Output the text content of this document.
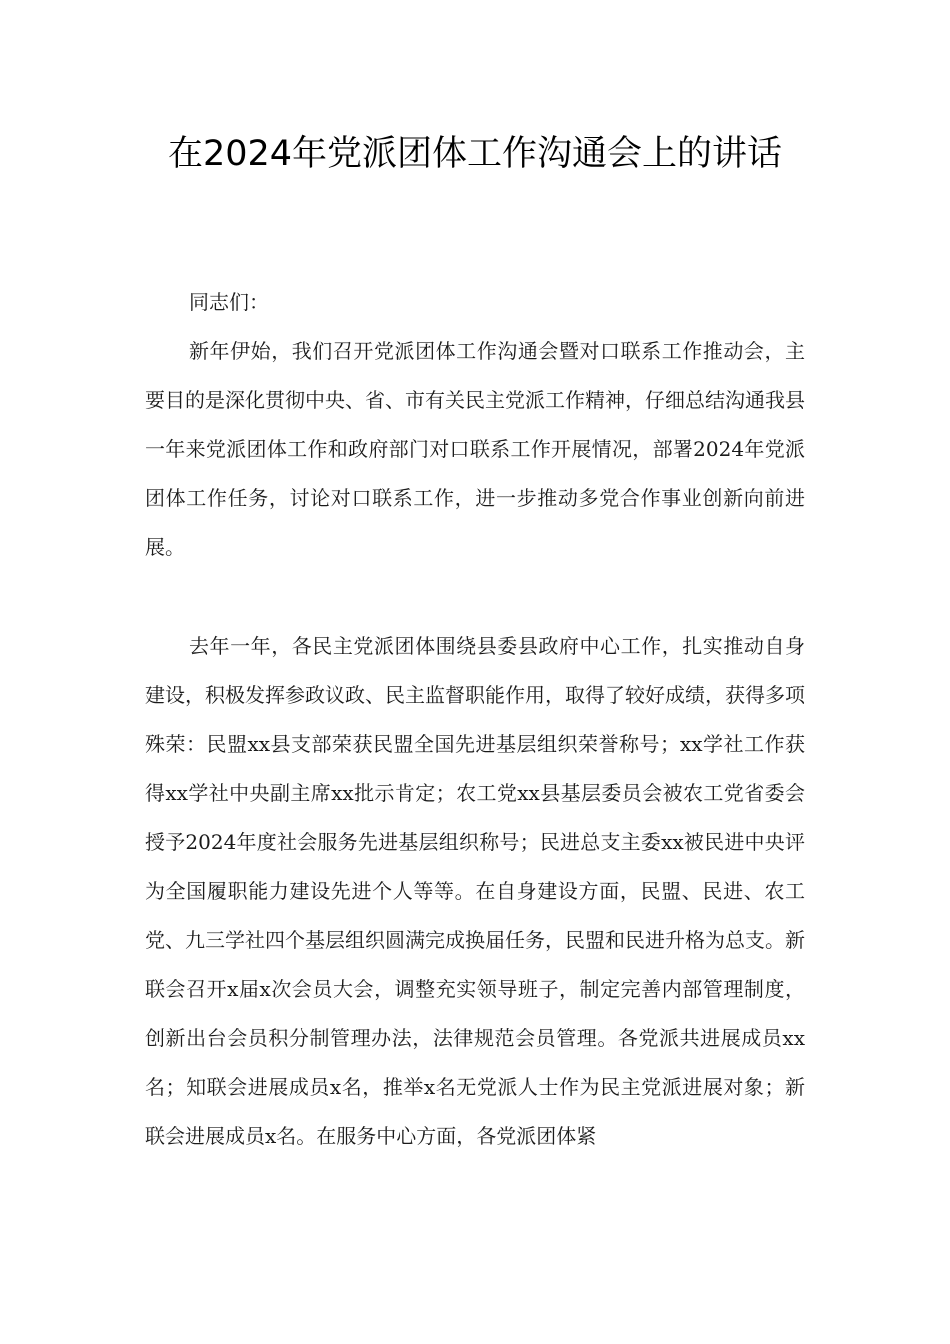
在2024年党派团体工作沟通会上的讲话

同志们：

新年伊始，我们召开党派团体工作沟通会暨对口联系工作推动会，主要目的是深化贯彻中央、省、市有关民主党派工作精神，仔细总结沟通我县一年来党派团体工作和政府部门对口联系工作开展情况，部署2024年党派团体工作任务，讨论对口联系工作，进一步推动多党合作事业创新向前进展。

去年一年，各民主党派团体围绕县委县政府中心工作，扎实推动自身建设，积极发挥参政议政、民主监督职能作用，取得了较好成绩，获得多项殊荣：民盟xx县支部荣获民盟全国先进基层组织荣誉称号；xx学社工作获得xx学社中央副主席xx批示肯定；农工党xx县基层委员会被农工党省委会授予2024年度社会服务先进基层组织称号；民进总支主委xx被民进中央评为全国履职能力建设先进个人等等。在自身建设方面，民盟、民进、农工党、九三学社四个基层组织圆满完成换届任务，民盟和民进升格为总支。新联会召开x届x次会员大会，调整充实领导班子，制定完善内部管理制度，创新出台会员积分制管理办法，法律规范会员管理。各党派共进展成员xx名；知联会进展成员x名，推举x名无党派人士作为民主党派进展对象；新联会进展成员x名。在服务中心方面，各党派团体紧
